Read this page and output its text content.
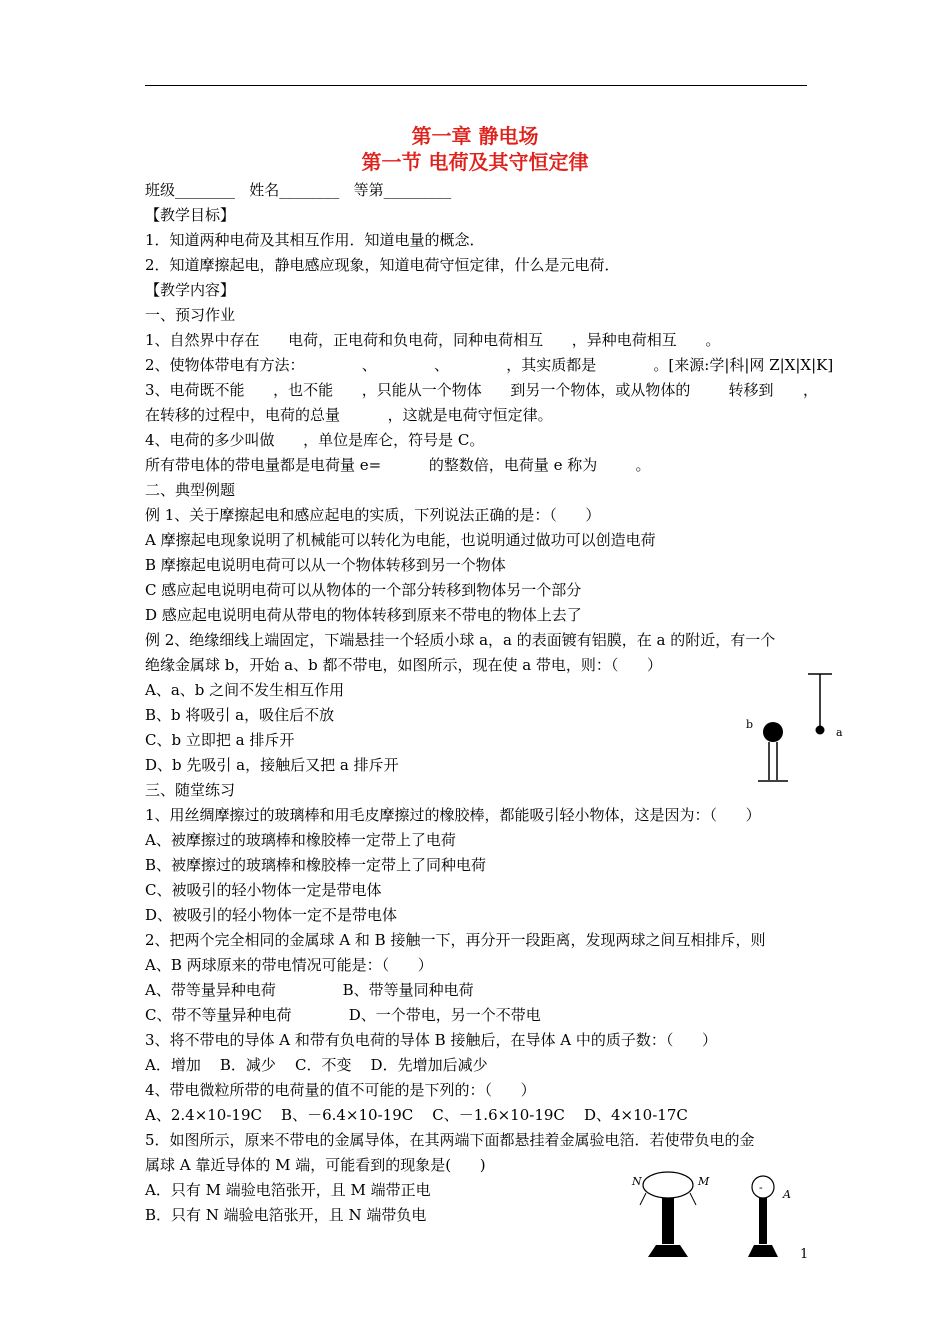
第一章 静电场
第一节 电荷及其守恒定律
班级________   姓名________   等第_________
【教学目标】
1．知道两种电荷及其相互作用．知道电量的概念．
2．知道摩擦起电，静电感应现象，知道电荷守恒定律，什么是元电荷．
【教学内容】
一、预习作业
1、自然界中存在      电荷，正电荷和负电荷，同种电荷相互      ，异种电荷相互      。
2、使物体带电有方法：            、            、            ，其实质都是            。[来源:学|科|网 Z|X|X|K]
3、电荷既不能      ，也不能      ，只能从一个物体      到另一个物体，或从物体的        转移到
在转移的过程中，电荷的总量          ，这就是电荷守恒定律。
4、电荷的多少叫做      ，单位是库仑，符号是 C。
所有带电体的带电量都是电荷量 e=          的整数倍，电荷量 e 称为        。
二、典型例题
例 1、关于摩擦起电和感应起电的实质，下列说法正确的是：（      ）
A 摩擦起电现象说明了机械能可以转化为电能，也说明通过做功可以创造电荷
B 摩擦起电说明电荷可以从一个物体转移到另一个物体
C 感应起电说明电荷可以从物体的一个部分转移到物体另一个部分
D 感应起电说明电荷从带电的物体转移到原来不带电的物体上去了
例 2、绝缘细线上端固定，下端悬挂一个轻质小球 a，a 的表面镀有铝膜，在 a 的附近，有一个
绝缘金属球 b，开始 a、b 都不带电，如图所示，现在使 a 带电，则：（      ）
A、a、b 之间不发生相互作用
B、b 将吸引 a，吸住后不放
C、b 立即把 a 排斥开
D、b 先吸引 a，接触后又把 a 排斥开
三、随堂练习
1、用丝绸摩擦过的玻璃棒和用毛皮摩擦过的橡胶棒，都能吸引轻小物体，这是因为：（      ）
A、被摩擦过的玻璃棒和橡胶棒一定带上了电荷
B、被摩擦过的玻璃棒和橡胶棒一定带上了同种电荷
C、被吸引的轻小物体一定是带电体
D、被吸引的轻小物体一定不是带电体
2、把两个完全相同的金属球 A 和 B 接触一下，再分开一段距离，发现两球之间互相排斥，则
A、B 两球原来的带电情况可能是：（      ）
A、带等量异种电荷              B、带等量同种电荷
C、带不等量异种电荷            D、一个带电，另一个不带电
3、将不带电的导体 A 和带有负电荷的导体 B 接触后，在导体 A 中的质子数：（      ）
A．增加    B．减少    C．不变    D．先增加后减少
4、带电微粒所带的电荷量的值不可能的是下列的：（      ）
A、2.4×10-19C    B、－6.4×10-19C    C、－1.6×10-19C    D、4×10-17C
5．如图所示，原来不带电的金属导体，在其两端下面都悬挂着金属验电箔．若使带负电的金
属球 A 靠近导体的 M 端，可能看到的现象是(      )
A．只有 M 端验电箔张开，且 M 端带正电
B．只有 N 端验电箔张开，且 N 端带负电
，
a
b
N	M	-
A
1
